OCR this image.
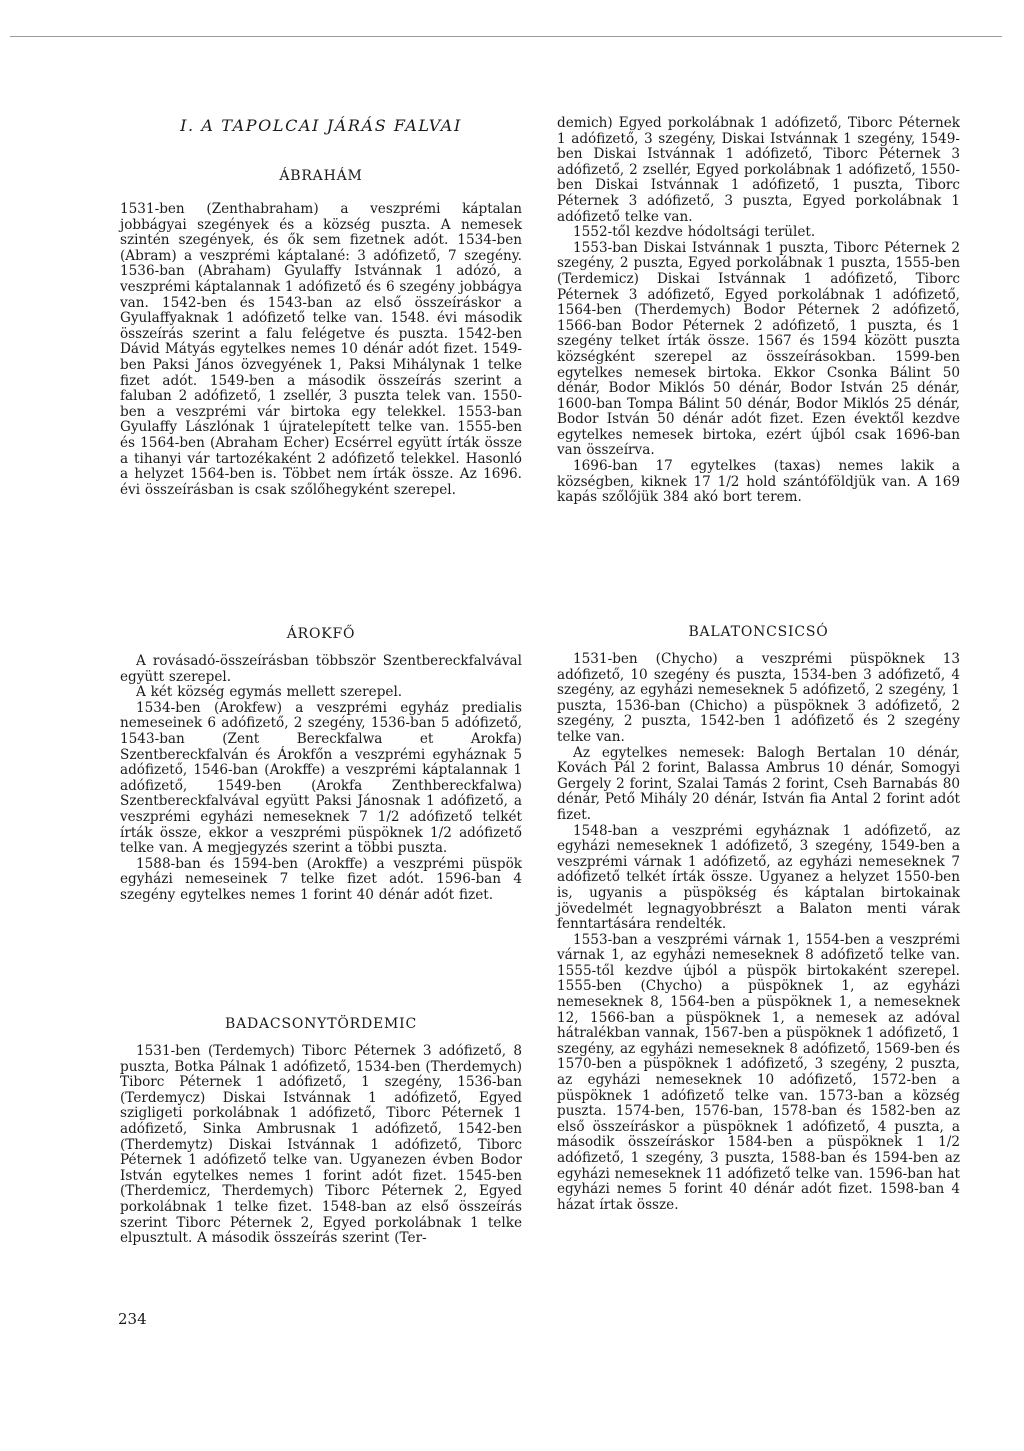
I. A TAPOLCAI JÁRÁS FALVAI
ÁBRAHÁM

1531-ben (Zenthabraham) a veszprémi káptalan jobbágyai szegények és a község puszta. A nemesek szintén szegények, és ők sem fizetnek adót. 1534-ben (Abram) a veszprémi káptalané: 3 adófizető, 7 szegény. 1536-ban (Abraham) Gyulaffy Istvánnak 1 adózó, a veszprémi káptalannak 1 adófizető és 6 szegény jobbágya van. 1542-ben és 1543-ban az első összeíráskor a Gyulaffyaknak 1 adófizető telke van. 1548. évi második összeírás szerint a falu felégetve és puszta. 1542-ben Dávid Mátyás egytelkes nemes 10 dénár adót fizet. 1549-ben Paksi János özvegyének 1, Paksi Mihálynak 1 telke fizet adót. 1549-ben a második összeírás szerint a faluban 2 adófizető, 1 zsellér, 3 puszta telek van. 1550-ben a veszprémi vár birtoka egy telekkel. 1553-ban Gyulaffy Lászlónak 1 újratelepített telke van. 1555-ben és 1564-ben (Abraham Echer) Ecsérrel együtt írták össze a tihanyi vár tartozékaként 2 adófizető telekkel. Hasonló a helyzet 1564-ben is. Többet nem írták össze. Az 1696. évi összeírásban is csak szőlőhegyként szerepel.

ÁROKFŐ

A rovásadó-összeírásban többször Szentbereckfalvával együtt szerepel.

A két község egymás mellett szerepel.

1534-ben (Arokfew) a veszprémi egyház predialis nemeseinek 6 adófizető, 2 szegény, 1536-ban 5 adófizető, 1543-ban (Zent Bereckfalwa et Arokfa) Szentbereckfalván és Árokfőn a veszprémi egyháznak 5 adófizető, 1546-ban (Arokffe) a veszprémi káptalannak 1 adófizető, 1549-ben (Arokfa Zenthbereckfalwa) Szentbereckfalvával együtt Paksi Jánosnak 1 adófizető, a veszprémi egyházi nemeseknek 7 1/2 adófizető telkét írták össze, ekkor a veszprémi püspöknek 1/2 adófizető telke van. A megjegyzés szerint a többi puszta.

1588-ban és 1594-ben (Arokffe) a veszprémi püspök egyházi nemeseinek 7 telke fizet adót. 1596-ban 4 szegény egytelkes nemes 1 forint 40 dénár adót fizet.

BADACSONYTÖRDEMIC

1531-ben (Terdemych) Tiborc Péternek 3 adófizető, 8 puszta, Botka Pálnak 1 adófizető, 1534-ben (Therdemych) Tiborc Péternek 1 adófizető, 1 szegény, 1536-ban (Terdemycz) Diskai Istvánnak 1 adófizető, Egyed szigligeti porkolábnak 1 adófizető, Tiborc Péternek 1 adófizető, Sinka Ambrusnak 1 adófizető, 1542-ben (Therdemytz) Diskai Istvánnak 1 adófizető, Tiborc Péternek 1 adófizető telke van. Ugyanezen évben Bodor István egytelkes nemes 1 forint adót fizet. 1545-ben (Therdemicz, Therdemych) Tiborc Péternek 2, Egyed porkolábnak 1 telke fizet. 1548-ban az első összeírás szerint Tiborc Péternek 2, Egyed porkolábnak 1 telke elpusztult. A második összeírás szerint (Ter-

demich) Egyed porkolábnak 1 adófizető, Tiborc Péternek 1 adófizető, 3 szegény, Diskai Istvánnak 1 szegény, 1549-ben Diskai Istvánnak 1 adófizető, Tiborc Péternek 3 adófizető, 2 zsellér, Egyed porkolábnak 1 adófizető, 1550-ben Diskai Istvánnak 1 adófizető, 1 puszta, Tiborc Péternek 3 adófizető, 3 puszta, Egyed porkolábnak 1 adófizető telke van.

1552-től kezdve hódoltsági terület.

1553-ban Diskai Istvánnak 1 puszta, Tiborc Péternek 2 szegény, 2 puszta, Egyed porkolábnak 1 puszta, 1555-ben (Terdemicz) Diskai Istvánnak 1 adófizető, Tiborc Péternek 3 adófizető, Egyed porkolábnak 1 adófizető, 1564-ben (Therdemych) Bodor Péternek 2 adófizető, 1566-ban Bodor Péternek 2 adófizető, 1 puszta, és 1 szegény telket írták össze. 1567 és 1594 között puszta községként szerepel az összeírásokban. 1599-ben egytelkes nemesek birtoka. Ekkor Csonka Bálint 50 dénár, Bodor Miklós 50 dénár, Bodor István 25 dénár, 1600-ban Tompa Bálint 50 dénár, Bodor Miklós 25 dénár, Bodor István 50 dénár adót fizet. Ezen évektől kezdve egytelkes nemesek birtoka, ezért újból csak 1696-ban van összeírva.

1696-ban 17 egytelkes (taxas) nemes lakik a községben, kiknek 17 1/2 hold szántóföldjük van. A 169 kapás szőlőjük 384 akó bort terem.

BALATONCSICSÓ

1531-ben (Chycho) a veszprémi püspöknek 13 adófizető, 10 szegény és puszta, 1534-ben 3 adófizető, 4 szegény, az egyházi nemeseknek 5 adófizető, 2 szegény, 1 puszta, 1536-ban (Chicho) a püspöknek 3 adófizető, 2 szegény, 2 puszta, 1542-ben 1 adófizető és 2 szegény telke van.

Az egytelkes nemesek: Balogh Bertalan 10 dénár, Kovách Pál 2 forint, Balassa Ambrus 10 dénár, Somogyi Gergely 2 forint, Szalai Tamás 2 forint, Cseh Barnabás 80 dénár, Pető Mihály 20 dénár, István fia Antal 2 forint adót fizet.

1548-ban a veszprémi egyháznak 1 adófizető, az egyházi nemeseknek 1 adófizető, 3 szegény, 1549-ben a veszprémi várnak 1 adófizető, az egyházi nemeseknek 7 adófizető telkét írták össze. Ugyanez a helyzet 1550-ben is, ugyanis a püspökség és káptalan birtokainak jövedelmét legnagyobbrészt a Balaton menti várak fenntartására rendelték.

1553-ban a veszprémi várnak 1, 1554-ben a veszprémi várnak 1, az egyházi nemeseknek 8 adófizető telke van. 1555-től kezdve újból a püspök birtokaként szerepel. 1555-ben (Chycho) a püspöknek 1, az egyházi nemeseknek 8, 1564-ben a püspöknek 1, a nemeseknek 12, 1566-ban a püspöknek 1, a nemesek az adóval hátralékban vannak, 1567-ben a püspöknek 1 adófizető, 1 szegény, az egyházi nemeseknek 8 adófizető, 1569-ben és 1570-ben a püspöknek 1 adófizető, 3 szegény, 2 puszta, az egyházi nemeseknek 10 adófizető, 1572-ben a püspöknek 1 adófizető telke van. 1573-ban a község puszta. 1574-ben, 1576-ban, 1578-ban és 1582-ben az első összeíráskor a püspöknek 1 adófizető, 4 puszta, a második összeíráskor 1584-ben a püspöknek 1 1/2 adófizető, 1 szegény, 3 puszta, 1588-ban és 1594-ben az egyházi nemeseknek 11 adófizető telke van. 1596-ban hat egyházi nemes 5 forint 40 dénár adót fizet. 1598-ban 4 házat írtak össze.

234
